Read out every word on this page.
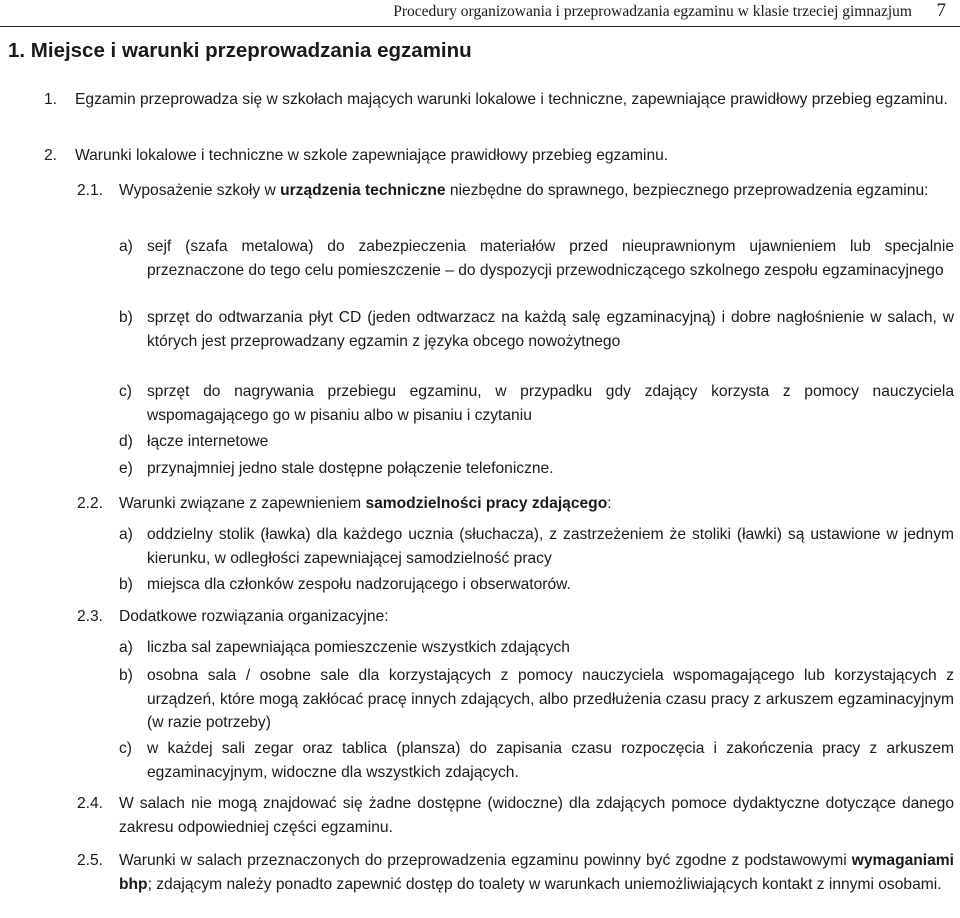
Procedury organizowania i przeprowadzania egzaminu w klasie trzeciej gimnazjum 7
1. Miejsce i warunki przeprowadzania egzaminu
1.	Egzamin przeprowadza się w szkołach mających warunki lokalowe i techniczne, zapewniające prawidłowy przebieg egzaminu.
2.	Warunki lokalowe i techniczne w szkole zapewniające prawidłowy przebieg egzaminu.
2.1.	Wyposażenie szkoły w urządzenia techniczne niezbędne do sprawnego, bezpiecznego przeprowadzenia egzaminu:
a) sejf (szafa metalowa) do zabezpieczenia materiałów przed nieuprawnionym ujawnieniem lub specjalnie przeznaczone do tego celu pomieszczenie – do dyspozycji przewodniczącego szkolnego zespołu egzaminacyjnego
b) sprzęt do odtwarzania płyt CD (jeden odtwarzacz na każdą salę egzaminacyjną) i dobre nagłośnienie w salach, w których jest przeprowadzany egzamin z języka obcego nowożytnego
c) sprzęt do nagrywania przebiegu egzaminu, w przypadku gdy zdający korzysta z pomocy nauczyciela wspomagającego go w pisaniu albo w pisaniu i czytaniu
d) łącze internetowe
e) przynajmniej jedno stale dostępne połączenie telefoniczne.
2.2.	Warunki związane z zapewnieniem samodzielności pracy zdającego:
a) oddzielny stolik (ławka) dla każdego ucznia (słuchacza), z zastrzeżeniem że stoliki (ławki) są ustawione w jednym kierunku, w odległości zapewniającej samodzielność pracy
b) miejsca dla członków zespołu nadzorującego i obserwatorów.
2.3.	Dodatkowe rozwiązania organizacyjne:
a) liczba sal zapewniająca pomieszczenie wszystkich zdających
b) osobna sala / osobne sale dla korzystających z pomocy nauczyciela wspomagającego lub korzystających z urządzeń, które mogą zakłócać pracę innych zdających, albo przedłużenia czasu pracy z arkuszem egzaminacyjnym (w razie potrzeby)
c) w każdej sali zegar oraz tablica (plansza) do zapisania czasu rozpoczęcia i zakończenia pracy z arkuszem egzaminacyjnym, widoczne dla wszystkich zdających.
2.4.	W salach nie mogą znajdować się żadne dostępne (widoczne) dla zdających pomoce dydaktyczne dotyczące danego zakresu odpowiedniej części egzaminu.
2.5.	Warunki w salach przeznaczonych do przeprowadzenia egzaminu powinny być zgodne z podstawowymi wymaganiami bhp; zdającym należy ponadto zapewnić dostęp do toalety w warunkach uniemożliwiających kontakt z innymi osobami.
